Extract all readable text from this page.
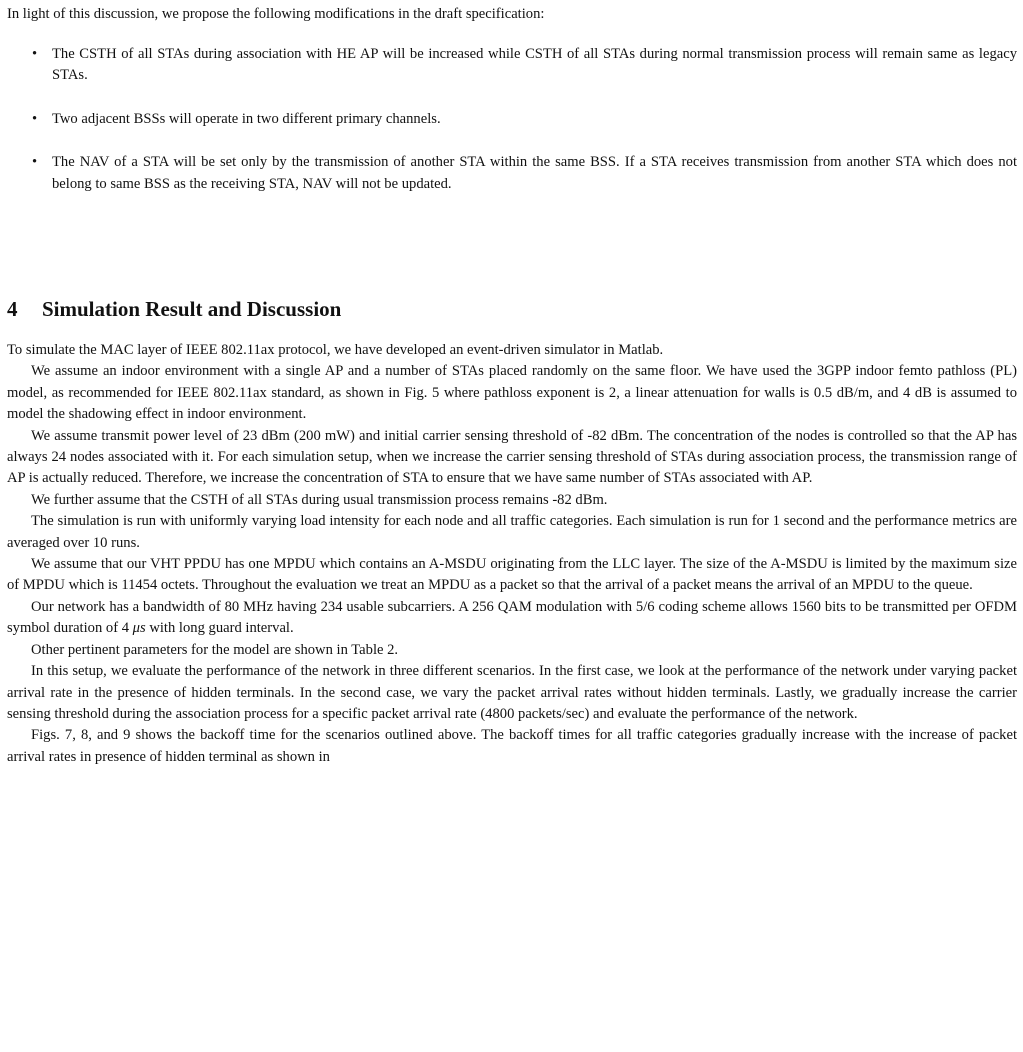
In light of this discussion, we propose the following modifications in the draft specification:

• The CSTH of all STAs during association with HE AP will be increased while CSTH of all STAs during normal transmission process will remain same as legacy STAs.
• Two adjacent BSSs will operate in two different primary channels.
• The NAV of a STA will be set only by the transmission of another STA within the same BSS. If a STA receives transmission from another STA which does not belong to same BSS as the receiving STA, NAV will not be updated.
4 Simulation Result and Discussion

To simulate the MAC layer of IEEE 802.11ax protocol, we have developed an event-driven simulator in Matlab.

We assume an indoor environment with a single AP and a number of STAs placed randomly on the same floor. We have used the 3GPP indoor femto pathloss (PL) model, as recommended for IEEE 802.11ax standard, as shown in Fig. 5 where pathloss exponent is 2, a linear attenuation for walls is 0.5 dB/m, and 4 dB is assumed to model the shadowing effect in indoor environment.

We assume transmit power level of 23 dBm (200 mW) and initial carrier sensing threshold of -82 dBm. The concentration of the nodes is controlled so that the AP has always 24 nodes associated with it. For each simulation setup, when we increase the carrier sensing threshold of STAs during association process, the transmission range of AP is actually reduced. Therefore, we increase the concentration of STA to ensure that we have same number of STAs associated with AP.

We further assume that the CSTH of all STAs during usual transmission process remains -82 dBm.

The simulation is run with uniformly varying load intensity for each node and all traffic categories. Each simulation is run for 1 second and the performance metrics are averaged over 10 runs.

We assume that our VHT PPDU has one MPDU which contains an A-MSDU originating from the LLC layer. The size of the A-MSDU is limited by the maximum size of MPDU which is 11454 octets. Throughout the evaluation we treat an MPDU as a packet so that the arrival of a packet means the arrival of an MPDU to the queue.

Our network has a bandwidth of 80 MHz having 234 usable subcarriers. A 256 QAM modulation with 5/6 coding scheme allows 1560 bits to be transmitted per OFDM symbol duration of 4 μs with long guard interval.

Other pertinent parameters for the model are shown in Table 2.

In this setup, we evaluate the performance of the network in three different scenarios. In the first case, we look at the performance of the network under varying packet arrival rate in the presence of hidden terminals. In the second case, we vary the packet arrival rates without hidden terminals. Lastly, we gradually increase the carrier sensing threshold during the association process for a specific packet arrival rate (4800 packets/sec) and evaluate the performance of the network.

Figs. 7, 8, and 9 shows the backoff time for the scenarios outlined above. The backoff times for all traffic categories gradually increase with the increase of packet arrival rates in presence of hidden terminal as shown in
